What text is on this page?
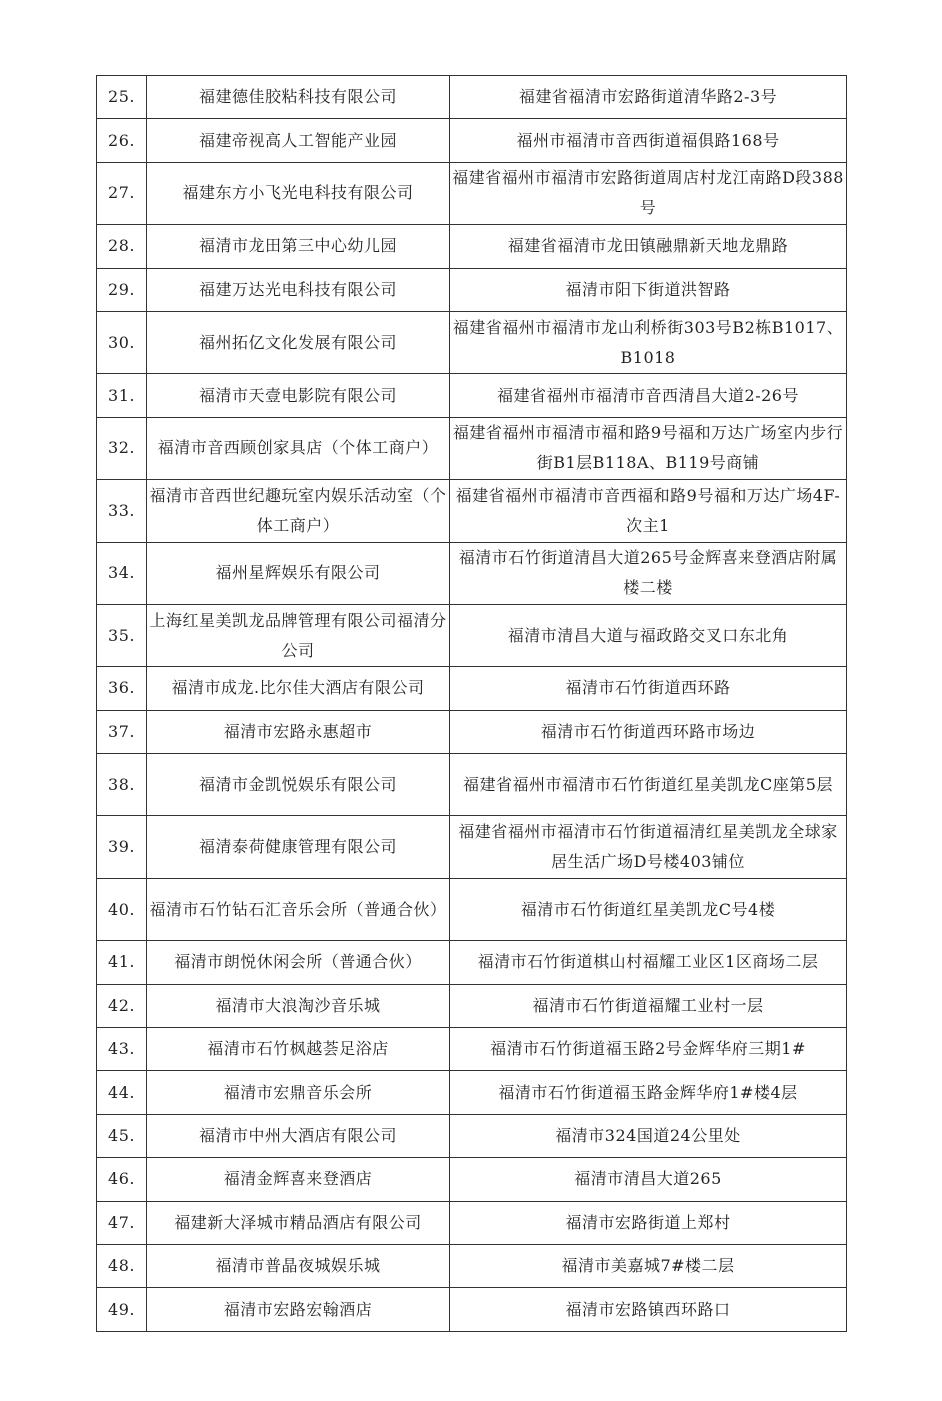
25.	福建德佳胶粘科技有限公司	福建省福清市宏路街道清华路2-3号
26.	福建帝视高人工智能产业园	福州市福清市音西街道福俱路168号
27.	福建东方小飞光电科技有限公司	福建省福州市福清市宏路街道周店村龙江南路D段388号
28.	福清市龙田第三中心幼儿园	福建省福清市龙田镇融鼎新天地龙鼎路
29.	福建万达光电科技有限公司	福清市阳下街道洪智路
30.	福州拓亿文化发展有限公司	福建省福州市福清市龙山利桥街303号B2栋B1017、B1018
31.	福清市天壹电影院有限公司	福建省福州市福清市音西清昌大道2-26号
32.	福清市音西顾创家具店（个体工商户）	福建省福州市福清市福和路9号福和万达广场室内步行街B1层B118A、B119号商铺
33.	福清市音西世纪趣玩室内娱乐活动室（个体工商户）	福建省福州市福清市音西福和路9号福和万达广场4F-次主1
34.	福州星辉娱乐有限公司	福清市石竹街道清昌大道265号金辉喜来登酒店附属楼二楼
35.	上海红星美凯龙品牌管理有限公司福清分公司	福清市清昌大道与福政路交叉口东北角
36.	福清市成龙.比尔佳大酒店有限公司	福清市石竹街道西环路
37.	福清市宏路永惠超市	福清市石竹街道西环路市场边
38.	福清市金凯悦娱乐有限公司	福建省福州市福清市石竹街道红星美凯龙C座第5层
39.	福清泰荷健康管理有限公司	福建省福州市福清市石竹街道福清红星美凯龙全球家居生活广场D号楼403铺位
40.	福清市石竹钻石汇音乐会所（普通合伙）	福清市石竹街道红星美凯龙C号4楼
41.	福清市朗悦休闲会所（普通合伙）	福清市石竹街道棋山村福耀工业区1区商场二层
42.	福清市大浪淘沙音乐城	福清市石竹街道福耀工业村一层
43.	福清市石竹枫越荟足浴店	福清市石竹街道福玉路2号金辉华府三期1#
44.	福清市宏鼎音乐会所	福清市石竹街道福玉路金辉华府1#楼4层
45.	福清市中州大酒店有限公司	福清市324国道24公里处
46.	福清金辉喜来登酒店	福清市清昌大道265
47.	福建新大泽城市精品酒店有限公司	福清市宏路街道上郑村
48.	福清市普晶夜城娱乐城	福清市美嘉城7#楼二层
49.	福清市宏路宏翰酒店	福清市宏路镇西环路口
